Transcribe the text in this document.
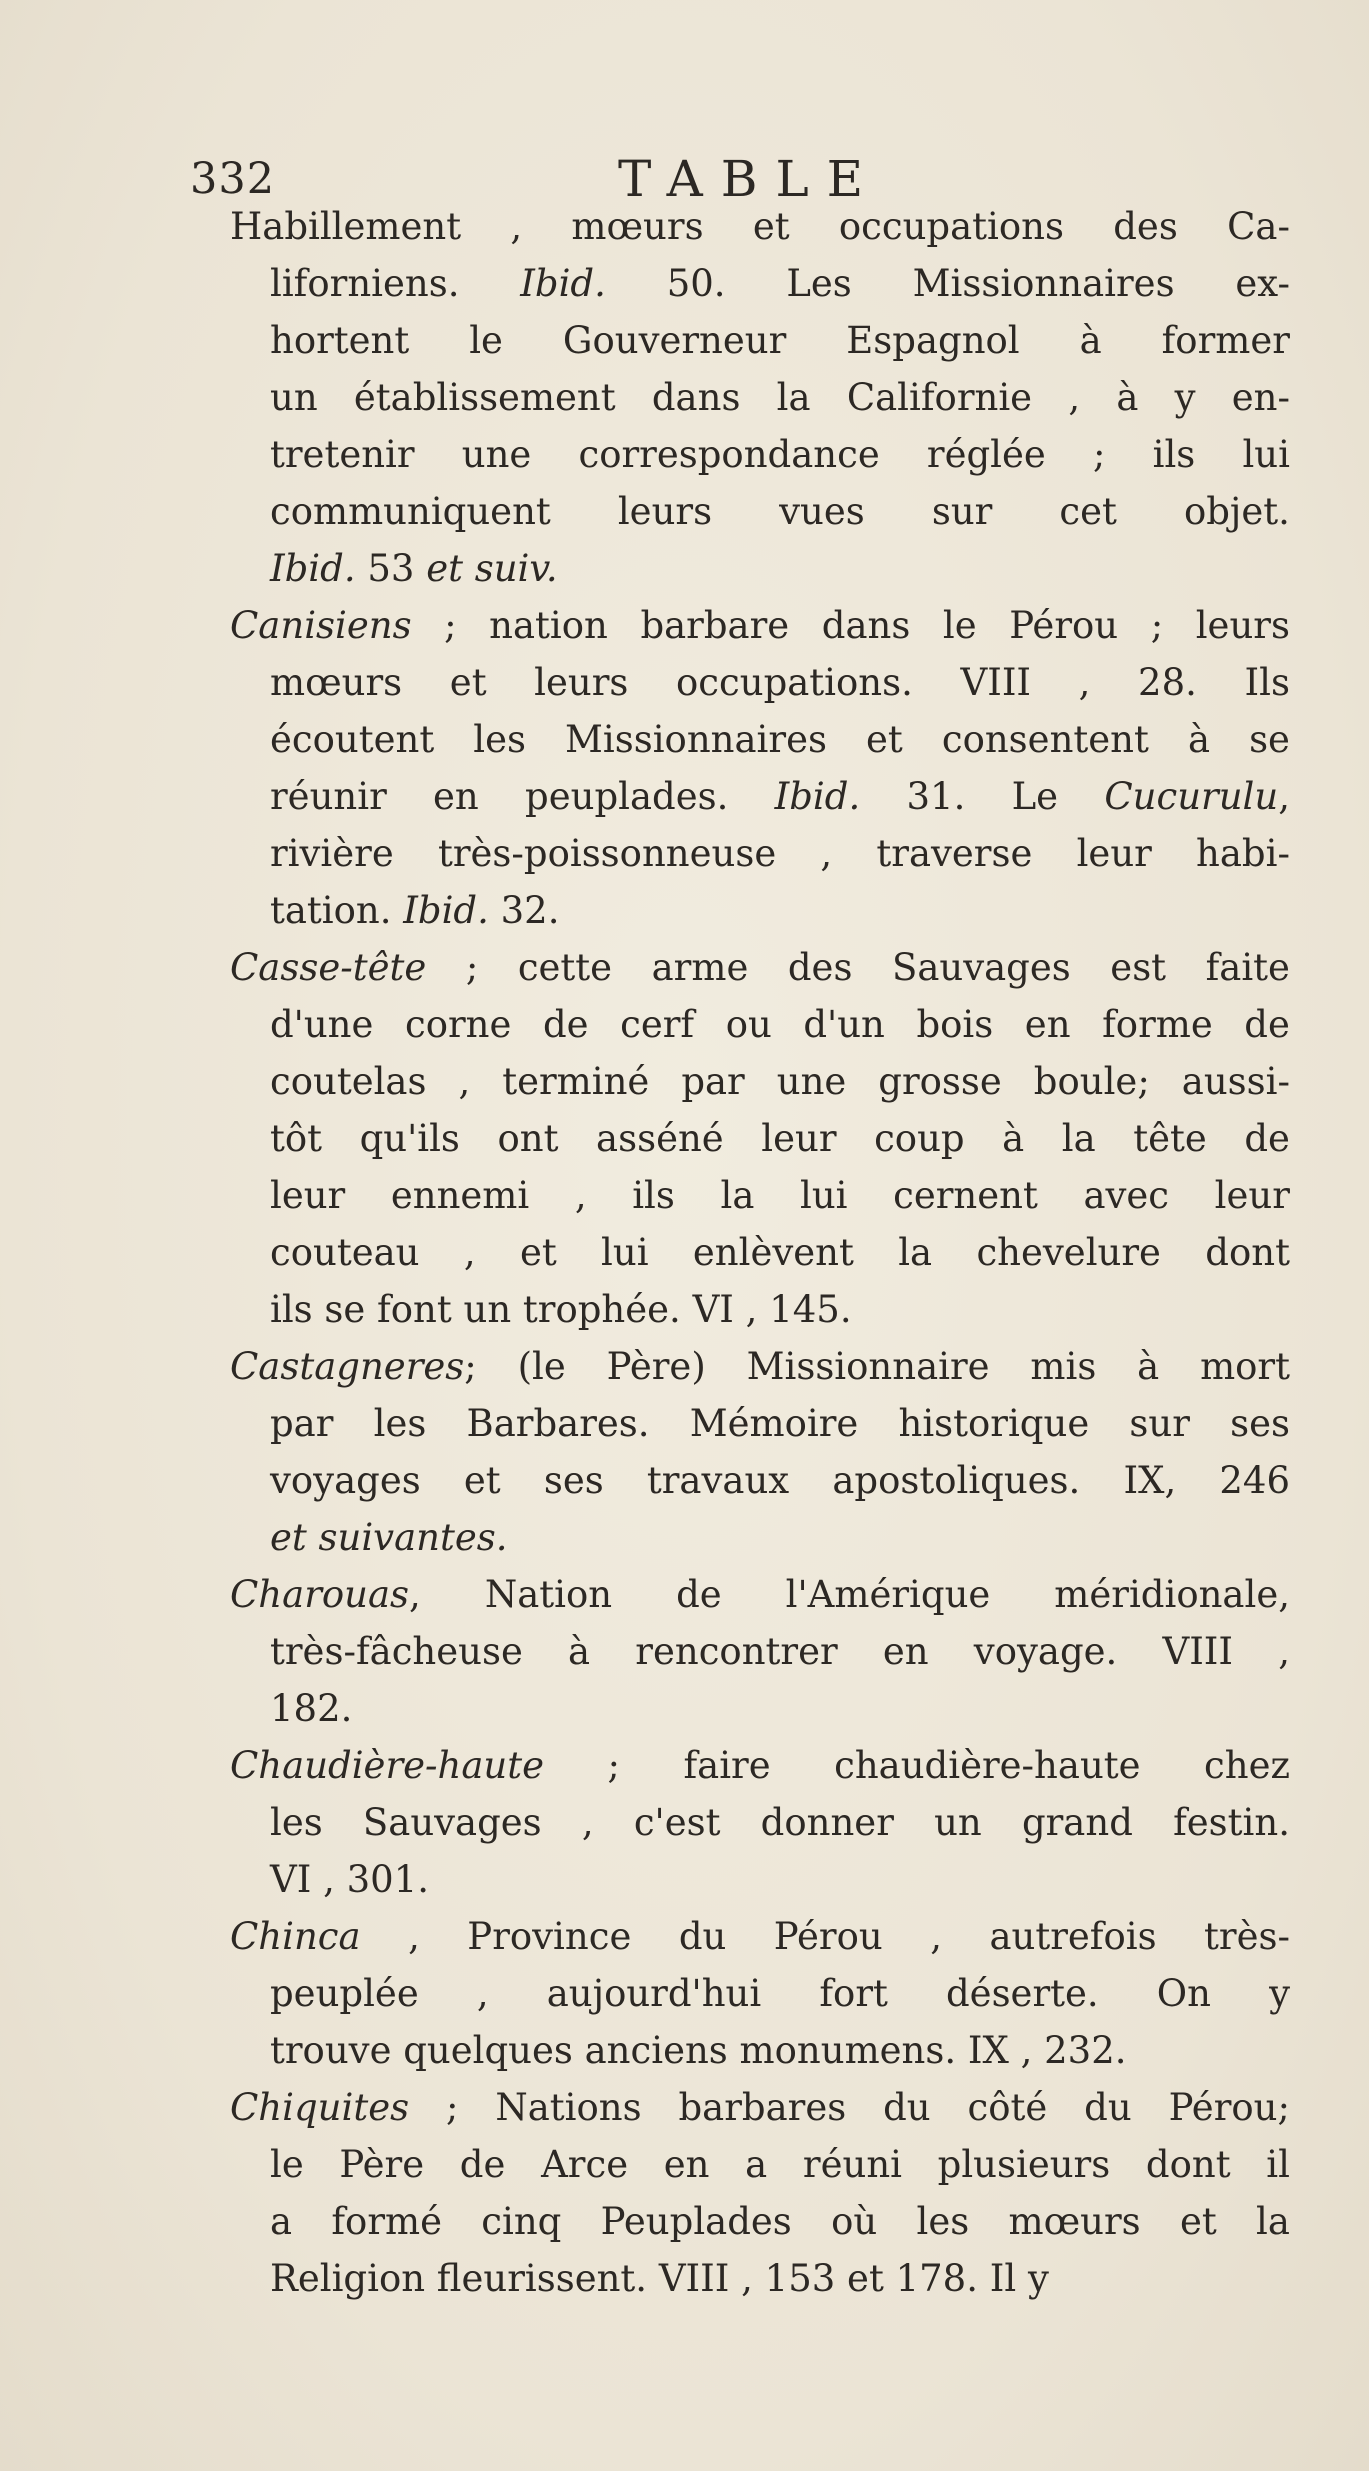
332	TABLE
Habillement , mœurs et occupations des Ca-
liforniens. Ibid. 50. Les Missionnaires ex-
hortent le Gouverneur Espagnol à former
un établissement dans la Californie , à y en-
tretenir une correspondance réglée ; ils lui
communiquent leurs vues sur cet objet.
Ibid. 53 et suiv.
Canisiens ; nation barbare dans le Pérou ; leurs
mœurs et leurs occupations. VIII , 28. Ils
écoutent les Missionnaires et consentent à se
réunir en peuplades. Ibid. 31. Le Cucurulu,
rivière très-poissonneuse , traverse leur habi-
tation. Ibid. 32.
Casse-tête ; cette arme des Sauvages est faite
d'une corne de cerf ou d'un bois en forme de
coutelas , terminé par une grosse boule; aussi-
tôt qu'ils ont asséné leur coup à la tête de
leur ennemi , ils la lui cernent avec leur
couteau , et lui enlèvent la chevelure dont
ils se font un trophée. VI , 145.
Castagneres; (le Père) Missionnaire mis à mort
par les Barbares. Mémoire historique sur ses
voyages et ses travaux apostoliques. IX, 246
et suivantes.
Charouas, Nation de l'Amérique méridionale,
très-fâcheuse à rencontrer en voyage. VIII ,
182.
Chaudière-haute ; faire chaudière-haute chez
les Sauvages , c'est donner un grand festin.
VI , 301.
Chinca , Province du Pérou , autrefois très-
peuplée , aujourd'hui fort déserte. On y
trouve quelques anciens monumens. IX , 232.
Chiquites ; Nations barbares du côté du Pérou;
le Père de Arce en a réuni plusieurs dont il
a formé cinq Peuplades où les mœurs et la
Religion fleurissent. VIII , 153 et 178. Il y
